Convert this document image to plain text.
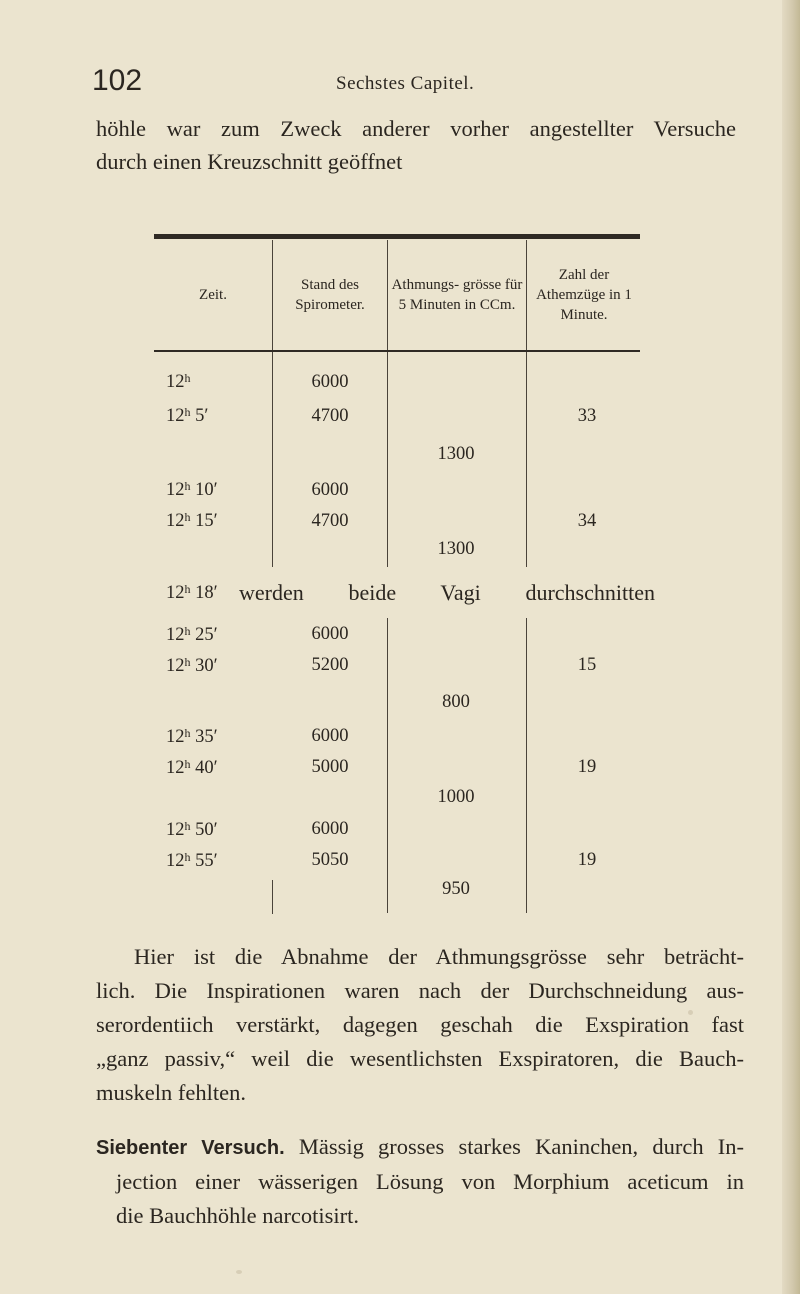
102	Sechstes Capitel.
höhle war zum Zweck anderer vorher angestellter Versuche
durch einen Kreuzschnitt geöffnet
Zeit.
Stand des Spirometer.
Athmungs- grösse für 5 Minuten in CCm.
Zahl der Athemzüge in 1 Minute.
12$^h$
12$^h$ 5′
12$^h$ 10′
12$^h$ 15′
12$^h$ 18′
12$^h$ 25′
12$^h$ 30′
12$^h$ 35′
12$^h$ 40′
12$^h$ 50′
12$^h$ 55′
6000
4700
6000
4700
6000
5200
6000
5000
6000
5050
1300
1300
800
1000
950
33
34
15
19
19
werden beide Vagi durchschnitten
Hier ist die Abnahme der Athmungsgrösse sehr beträcht-
lich. Die Inspirationen waren nach der Durchschneidung aus-
serordentiich verstärkt, dagegen geschah die Exspiration fast
„ganz passiv,“ weil die wesentlichsten Exspiratoren, die Bauch-
muskeln fehlten.
Siebenter Versuch. Mässig grosses starkes Kaninchen, durch In-
jection einer wässerigen Lösung von Morphium aceticum in
die Bauchhöhle narcotisirt.
